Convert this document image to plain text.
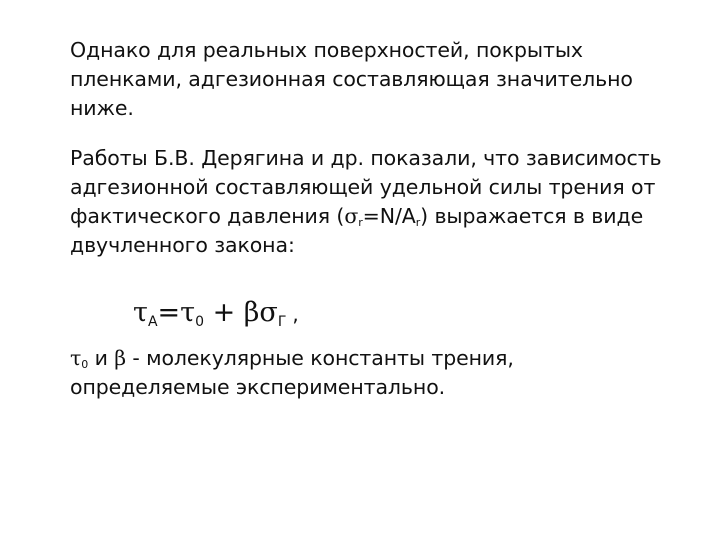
Однако для реальных поверхностей, покрытых пленками, адгезионная составляющая значительно ниже.

Работы Б.В. Дерягина и др. показали, что зависимость адгезионной составляющей удельной силы трения от фактического давления $(\sigma_r=N/A_r)$ выражается в виде двучленного закона:

$\tau_A=\tau_0 + \beta\sigma_Г$ ,

$\tau_0$ и β - молекулярные константы трения, определяемые экспериментально.
